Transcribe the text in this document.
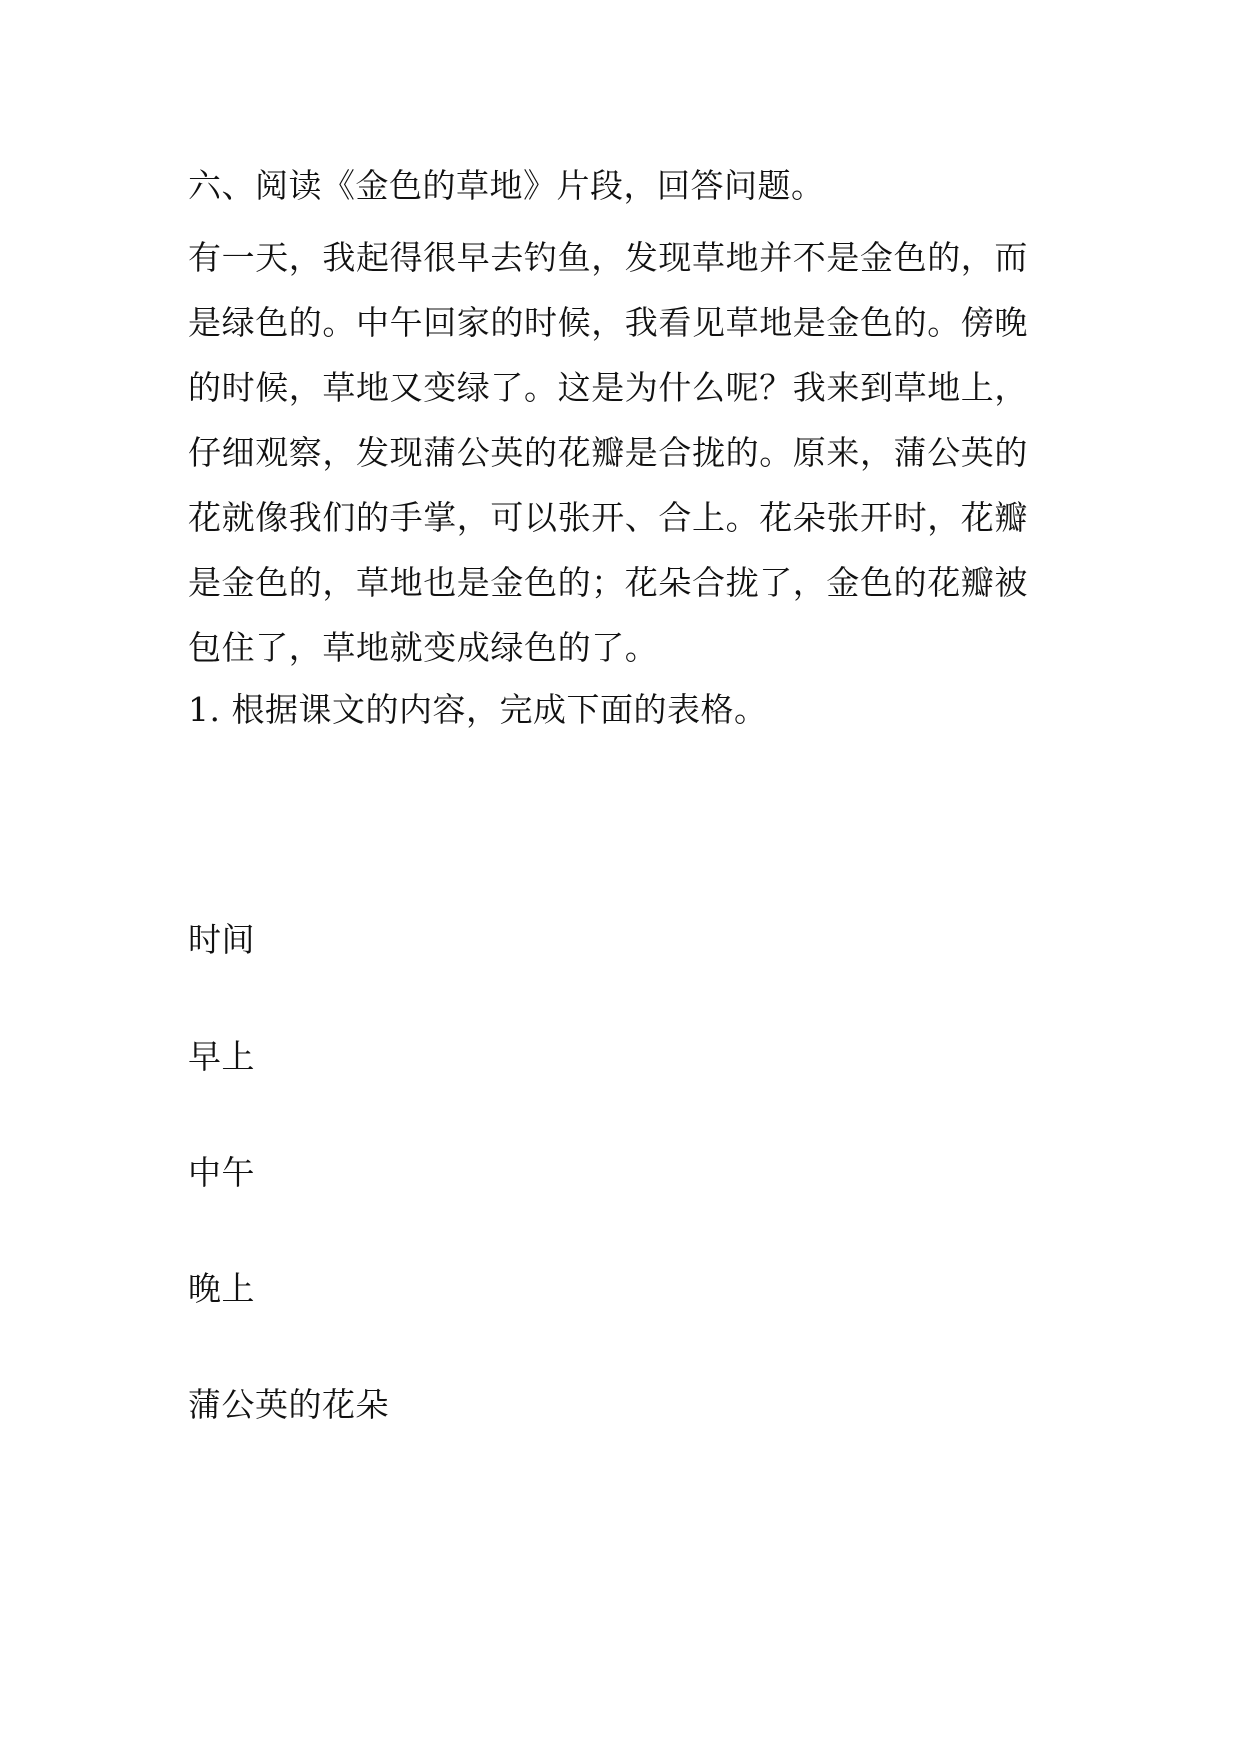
六、阅读《金色的草地》片段，回答问题。
有一天，我起得很早去钓鱼，发现草地并不是金色的，而
是绿色的。中午回家的时候，我看见草地是金色的。傍晚
的时候，草地又变绿了。这是为什么呢？我来到草地上，
仔细观察，发现蒲公英的花瓣是合拢的。原来，蒲公英的
花就像我们的手掌，可以张开、合上。花朵张开时，花瓣
是金色的，草地也是金色的；花朵合拢了，金色的花瓣被
包住了，草地就变成绿色的了。
1. 根据课文的内容，完成下面的表格。
时间
早上
中午
晚上
蒲公英的花朵
